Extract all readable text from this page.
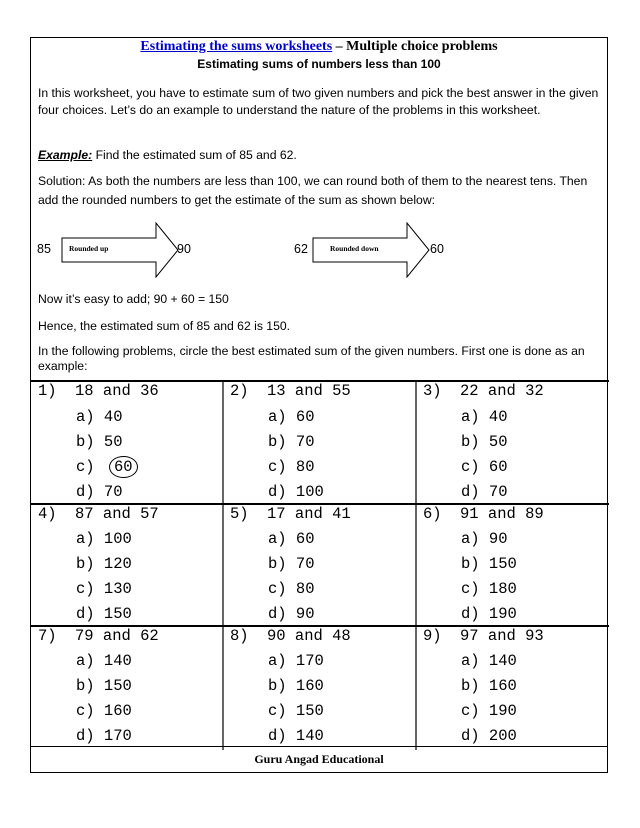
Estimating the sums worksheets – Multiple choice problems
Estimating sums of numbers less than 100
In this worksheet, you have to estimate sum of two given numbers and pick the best answer in the given four choices. Let’s do an example to understand the nature of the problems in this worksheet.
Example: Find the estimated sum of 85 and 62.
Solution: As both the numbers are less than 100, we can round both of them to the nearest tens. Then add the rounded numbers to get the estimate of the sum as shown below:
85 Rounded up	90	62	Rounded down	60
Now it’s easy to add; 90 + 60 = 150
Hence, the estimated sum of 85 and 62 is 150.
In the following problems, circle the best estimated sum of the given numbers. First one is done as an example:
1) 18 and 36
a) 40
b) 50
c)	60
d) 70
2) 13 and 55
a) 60
b) 70
c) 80
d) 100
3) 22 and 32
a) 40
b) 50
c) 60
d) 70
4) 87 and 57
a) 100
b) 120
c) 130
d) 150
5) 17 and 41
a) 60
b) 70
c) 80
d) 90
6) 91 and 89
a) 90
b) 150
c) 180
d) 190
7) 79 and 62
a) 140
b) 150
c) 160
d) 170
8) 90 and 48
a) 170
b) 160
c) 150
d) 140
9) 97 and 93
a) 140
b) 160
c) 190
d) 200
Guru Angad Educational
